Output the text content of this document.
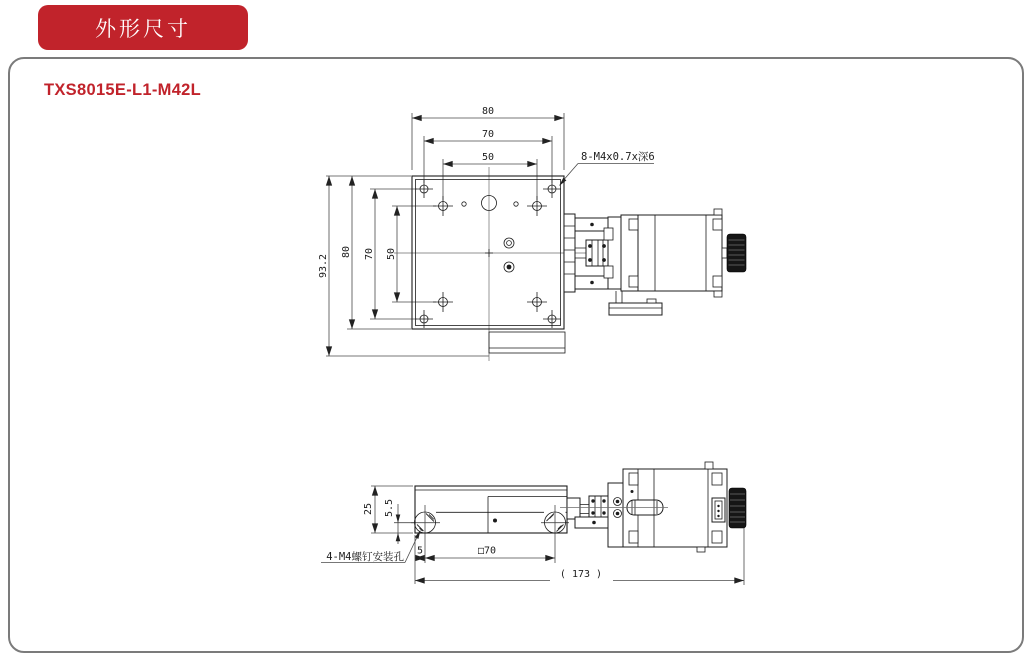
外形尺寸
TXS8015E-L1-M42L
80
70
50
93.2
80 70 50
8-M4x0.7x深6
25 5.5
5	□70
( 173 )
4-M4螺钉安装孔
